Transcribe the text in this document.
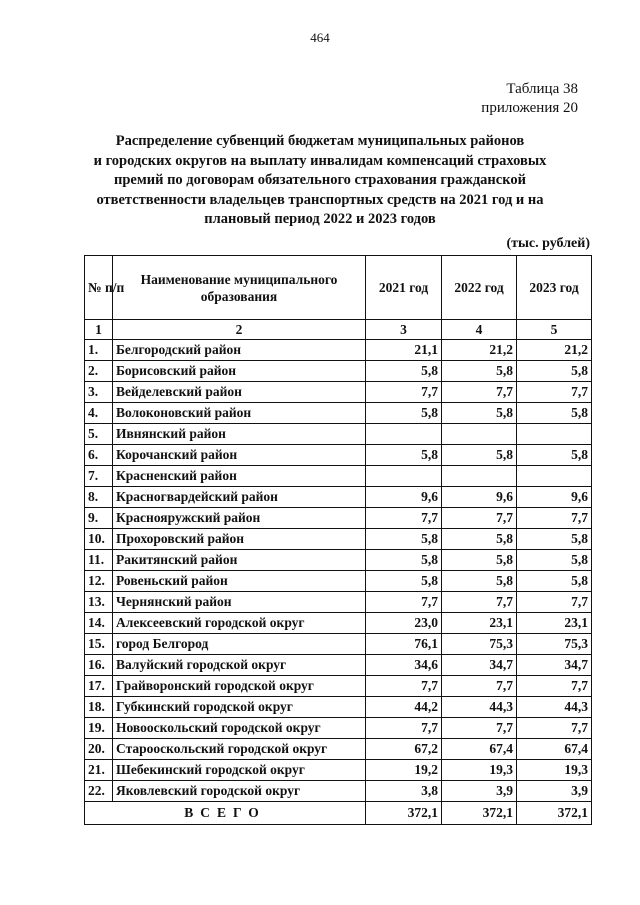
464
Таблица 38
приложения 20
Распределение субвенций бюджетам муниципальных районов
и городских округов на выплату инвалидам компенсаций страховых
премий по договорам обязательного страхования гражданской
ответственности владельцев транспортных средств на 2021 год и на
плановый период 2022 и 2023 годов
(тыс. рублей)
№ п/п	Наименование муниципального образования	2021 год	2022 год	2023 год
1	2	3	4	5
1.	Белгородский район	21,1	21,2	21,2
2.	Борисовский район	5,8	5,8	5,8
3.	Вейделевский район	7,7	7,7	7,7
4.	Волоконовский район	5,8	5,8	5,8
5.	Ивнянский район			
6.	Корочанский район	5,8	5,8	5,8
7.	Красненский район			
8.	Красногвардейский район	9,6	9,6	9,6
9.	Краснояружский район	7,7	7,7	7,7
10.	Прохоровский район	5,8	5,8	5,8
11.	Ракитянский район	5,8	5,8	5,8
12.	Ровеньский район	5,8	5,8	5,8
13.	Чернянский район	7,7	7,7	7,7
14.	Алексеевский городской округ	23,0	23,1	23,1
15.	город Белгород	76,1	75,3	75,3
16.	Валуйский городской округ	34,6	34,7	34,7
17.	Грайворонский городской округ	7,7	7,7	7,7
18.	Губкинский городской округ	44,2	44,3	44,3
19.	Новооскольский городской округ	7,7	7,7	7,7
20.	Старооскольский городской округ	67,2	67,4	67,4
21.	Шебекинский городской округ	19,2	19,3	19,3
22.	Яковлевский городской округ	3,8	3,9	3,9
ВСЕГО		372,1	372,1	372,1
